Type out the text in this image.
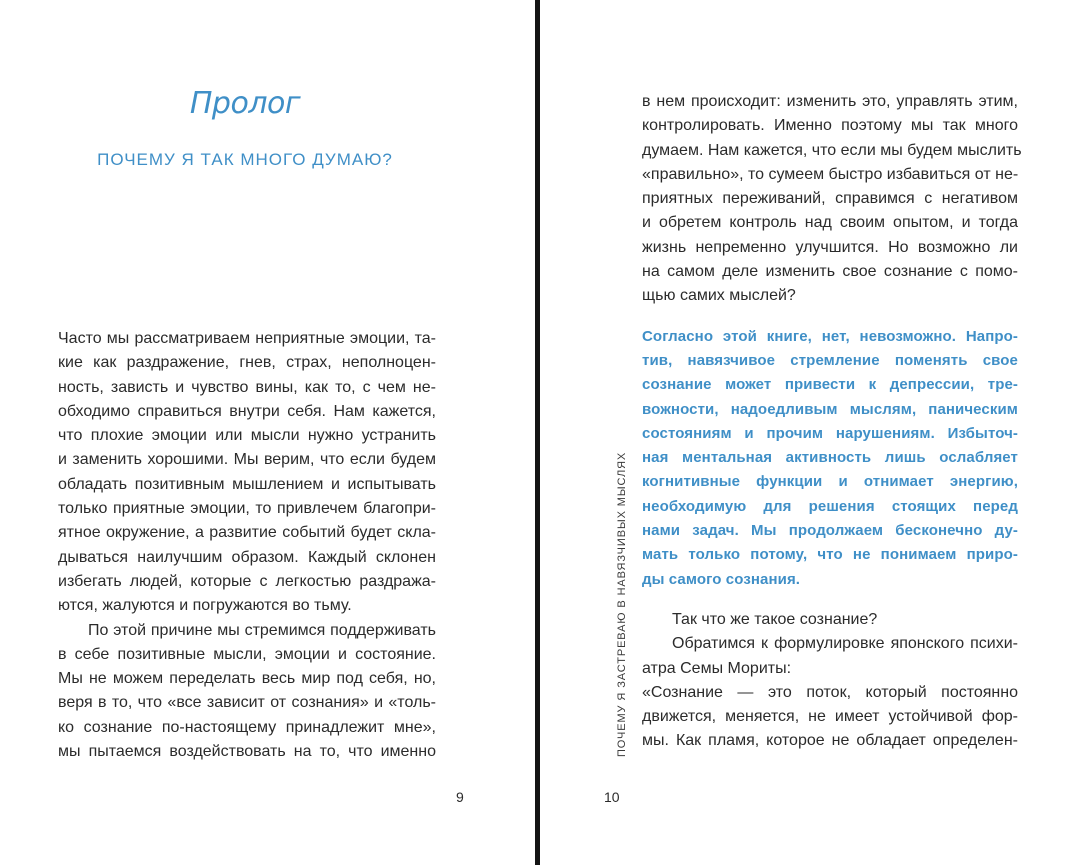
Пролог
ПОЧЕМУ Я ТАК МНОГО ДУМАЮ?

Часто мы рассматриваем неприятные эмоции, та-
кие как раздражение, гнев, страх, неполноцен-
ность, зависть и чувство вины, как то, с чем не-
обходимо справиться внутри себя. Нам кажется,
что плохие эмоции или мысли нужно устранить
и заменить хорошими. Мы верим, что если будем
обладать позитивным мышлением и испытывать
только приятные эмоции, то привлечем благопри-
ятное окружение, а развитие событий будет скла-
дываться наилучшим образом. Каждый склонен
избегать людей, которые с легкостью раздража-
ются, жалуются и погружаются во тьму.

По этой причине мы стремимся поддерживать
в себе позитивные мысли, эмоции и состояние.
Мы не можем переделать весь мир под себя, но,
веря в то, что «все зависит от сознания» и «толь-
ко сознание по-настоящему принадлежит мне»,
мы пытаемся воздействовать на то, что именно

9
ПОЧЕМУ Я ЗАСТРЕВАЮ В НАВЯЗЧИВЫХ МЫСЛЯХ

в нем происходит: изменить это, управлять этим,
контролировать. Именно поэтому мы так много
думаем. Нам кажется, что если мы будем мыслить
«правильно», то сумеем быстро избавиться от не-
приятных переживаний, справимся с негативом
и обретем контроль над своим опытом, и тогда
жизнь непременно улучшится. Но возможно ли
на самом деле изменить свое сознание с помо-
щью самих мыслей?

Согласно этой книге, нет, невозможно. Напро-
тив, навязчивое стремление поменять свое
сознание может привести к депрессии, тре-
вожности, надоедливым мыслям, паническим
состояниям и прочим нарушениям. Избыточ-
ная ментальная активность лишь ослабляет
когнитивные функции и отнимает энергию,
необходимую для решения стоящих перед
нами задач. Мы продолжаем бесконечно ду-
мать только потому, что не понимаем приро-
ды самого сознания.

Так что же такое сознание?

Обратимся к формулировке японского психи-
атра Семы Мориты:

«Сознание — это поток, который постоянно
движется, меняется, не имеет устойчивой фор-
мы. Как пламя, которое не обладает определен-

10
